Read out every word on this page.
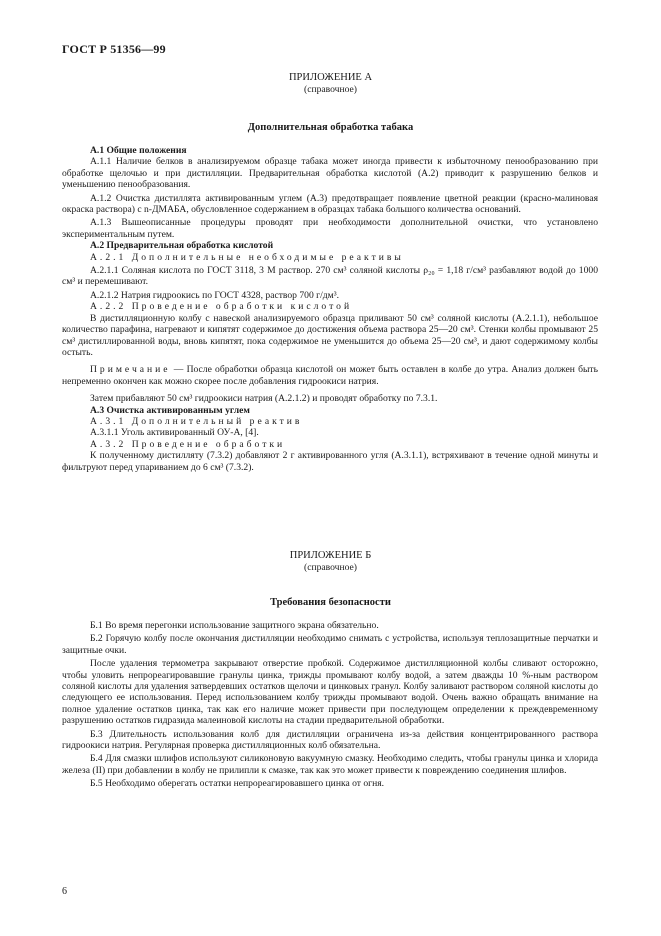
ГОСТ Р 51356—99
ПРИЛОЖЕНИЕ А
(справочное)
Дополнительная обработка табака

А.1 Общие положения

А.1.1 Наличие белков в анализируемом образце табака может иногда привести к избыточному пенообразованию при обработке щелочью и при дистилляции. Предварительная обработка кислотой (А.2) приводит к разрушению белков и уменьшению пенообразования.

А.1.2 Очистка дистиллята активированным углем (А.3) предотвращает появление цветной реакции (красно-малиновая окраска раствора) с n-ДМАБА, обусловленное содержанием в образцах табака большого количества оснований.

А.1.3 Вышеописанные процедуры проводят при необходимости дополнительной очистки, что установлено экспериментальным путем.

А.2 Предварительная обработка кислотой

А.2.1 Дополнительные необходимые реактивы

А.2.1.1 Соляная кислота по ГОСТ 3118, 3 М раствор. 270 см³ соляной кислоты ρ₂₀ = 1,18 г/см³ разбавляют водой до 1000 см³ и перемешивают.

А.2.1.2 Натрия гидроокись по ГОСТ 4328, раствор 700 г/дм³.

А.2.2 Проведение обработки кислотой

В дистилляционную колбу с навеской анализируемого образца приливают 50 см³ соляной кислоты (А.2.1.1), небольшое количество парафина, нагревают и кипятят содержимое до достижения объема раствора 25—20 см³. Стенки колбы промывают 25 см³ дистиллированной воды, вновь кипятят, пока содержимое не уменьшится до объема 25—20 см³, и дают содержимому колбы остыть.

Примечание — После обработки образца кислотой он может быть оставлен в колбе до утра. Анализ должен быть непременно окончен как можно скорее после добавления гидроокиси натрия.

Затем прибавляют 50 см³ гидроокиси натрия (А.2.1.2) и проводят обработку по 7.3.1.

А.3 Очистка активированным углем

А.3.1 Дополнительный реактив

А.3.1.1 Уголь активированный ОУ-А, [4].

А.3.2 Проведение обработки

К полученному дистилляту (7.3.2) добавляют 2 г активированного угля (А.3.1.1), встряхивают в течение одной минуты и фильтруют перед упариванием до 6 см³ (7.3.2).

ПРИЛОЖЕНИЕ Б
(справочное)
Требования безопасности

Б.1 Во время перегонки использование защитного экрана обязательно.

Б.2 Горячую колбу после окончания дистилляции необходимо снимать с устройства, используя теплозащитные перчатки и защитные очки.

После удаления термометра закрывают отверстие пробкой. Содержимое дистилляционной колбы сливают осторожно, чтобы уловить непрореагировавшие гранулы цинка, трижды промывают колбу водой, а затем дважды 10 %-ным раствором соляной кислоты для удаления затвердевших остатков щелочи и цинковых гранул. Колбу заливают раствором соляной кислоты до следующего ее использования. Перед использованием колбу трижды промывают водой. Очень важно обращать внимание на полное удаление остатков цинка, так как его наличие может привести при последующем определении к преждевременному разрушению остатков гидразида малеиновой кислоты на стадии предварительной обработки.

Б.3 Длительность использования колб для дистилляции ограничена из-за действия концентрированного раствора гидроокиси натрия. Регулярная проверка дистилляционных колб обязательна.

Б.4 Для смазки шлифов используют силиконовую вакуумную смазку. Необходимо следить, чтобы гранулы цинка и хлорида железа (II) при добавлении в колбу не прилипли к смазке, так как это может привести к повреждению соединения шлифов.

Б.5 Необходимо оберегать остатки непрореагировавшего цинка от огня.

6
